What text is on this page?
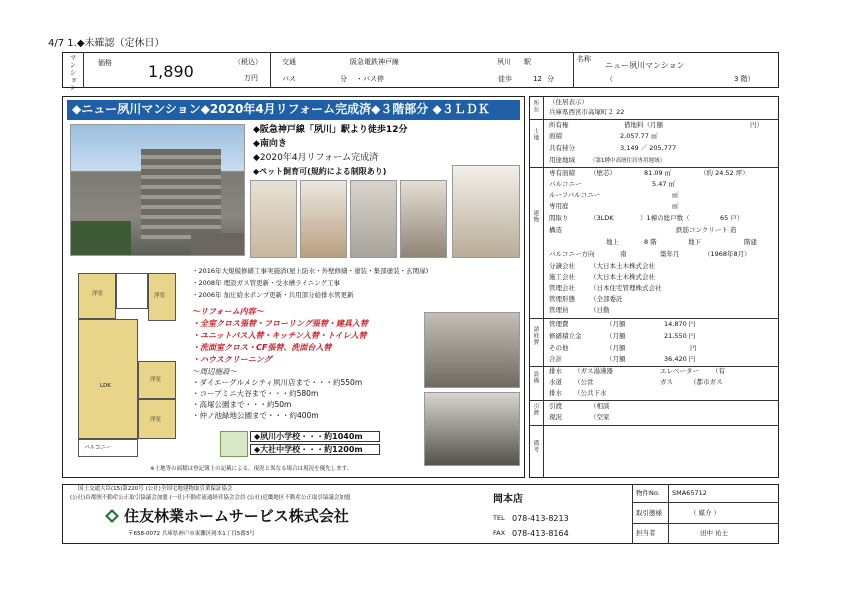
4/7 1.◆未確認（定休日）
マンション	価格 1,890	（税込）
万円
交通	阪急電鉄神戸線	夙川 駅
バス	分 ・バス停	徒歩	12 分
名称
ニュー夙川マンション
（	3 階）
◆ニュー夙川マンション◆2020年4月リフォーム完成済◆３階部分 ◆３ＬＤＫ
◆阪急神戸線「夙川」駅より徒歩12分
◆南向き
◆2020年4月リフォーム完成済
◆ペット飼育可(規約による制限あり)
洋室	洋室
LDK
洋室
洋室
バルコニー
・2016年大規模修繕工事実施済(屋上防水・外壁修繕・塗装・集部塗装・玄関扉)
・2008年 埋設ガス管更新・受水槽ライニング工事
・2006年 加圧給水ポンプ更新・共用部分給排水管更新
～リフォーム内容～
・全室クロス張替・フローリング張替・建具入替
・ユニットバス入替・キッチン入替・トイレ入替
・洗面室クロス・CF張替、洗面台入替
・ハウスクリーニング
～周辺施設～
・ダイエーグルメシティ夙川店まで・・・約550m
・コープミニ大谷まで・・・約580m
・高塚公園まで・・・約50m
・仲ノ池緑地公園まで・・・約400m
◆夙川小学校・・・約1040m
◆大社中学校・・・約1200m
※土地等の面積は登記簿上の記載による。現況と異なる場合は現況を優先します。
所在 （住居表示）
兵庫県西宮市高塚町２ 22
土地
所有権	借地料（月額	円）
面積	2,057.77 ㎡
共有持分	3,149 ／ 205,777
用途地域	（第1種中高層住居専用地域）
建物
専有面積 （壁芯）	81.09 ㎡	（約 24.52 坪）
バルコニー	5.47 ㎡
ルーフバルコニー	㎡
専用庭	㎡
間取り	（3LDK	）1棟の総戸数（	65 戸）
構造	鉄筋コンクリート 造
地上	8 階	地下	階建
バルコニー方向	南	築年月	（1968年8月）
分譲会社 （大日本土木株式会社
施工会社 （大日本土木株式会社
管理会社 （日本住宅管理株式会社
管理形態 （全部委託
管理員	（日勤
諸経費
管理費	（月額	14,870 円
修繕積立金	（月額	21,550 円
その他	（月額	円
合計	（月額	36,420 円
設備 排水 （ガス湯沸器	エレベーター （有
水道 （公営	ガス	（都市ガス
排水 （公共下水
引渡 引渡	（相談
現況	（空家
備考
国土交通大臣(15)第220号 (公社)全国宅地建物取引業保証協会
(公社)首都圏不動産公正取引協議会加盟 (一社)不動産流通経営協会会員 (公社)近畿地区不動産公正取引協議会加盟
住友林業ホームサービス株式会社
〒658-0072 兵庫県神戸市東灘区岡本1丁目5番3号
岡本店
TEL 078-413-8213
FAX 078-413-8164
物件No. SMA65712
取引態様	（ 媒介 ）
担当者	田中 祐士
